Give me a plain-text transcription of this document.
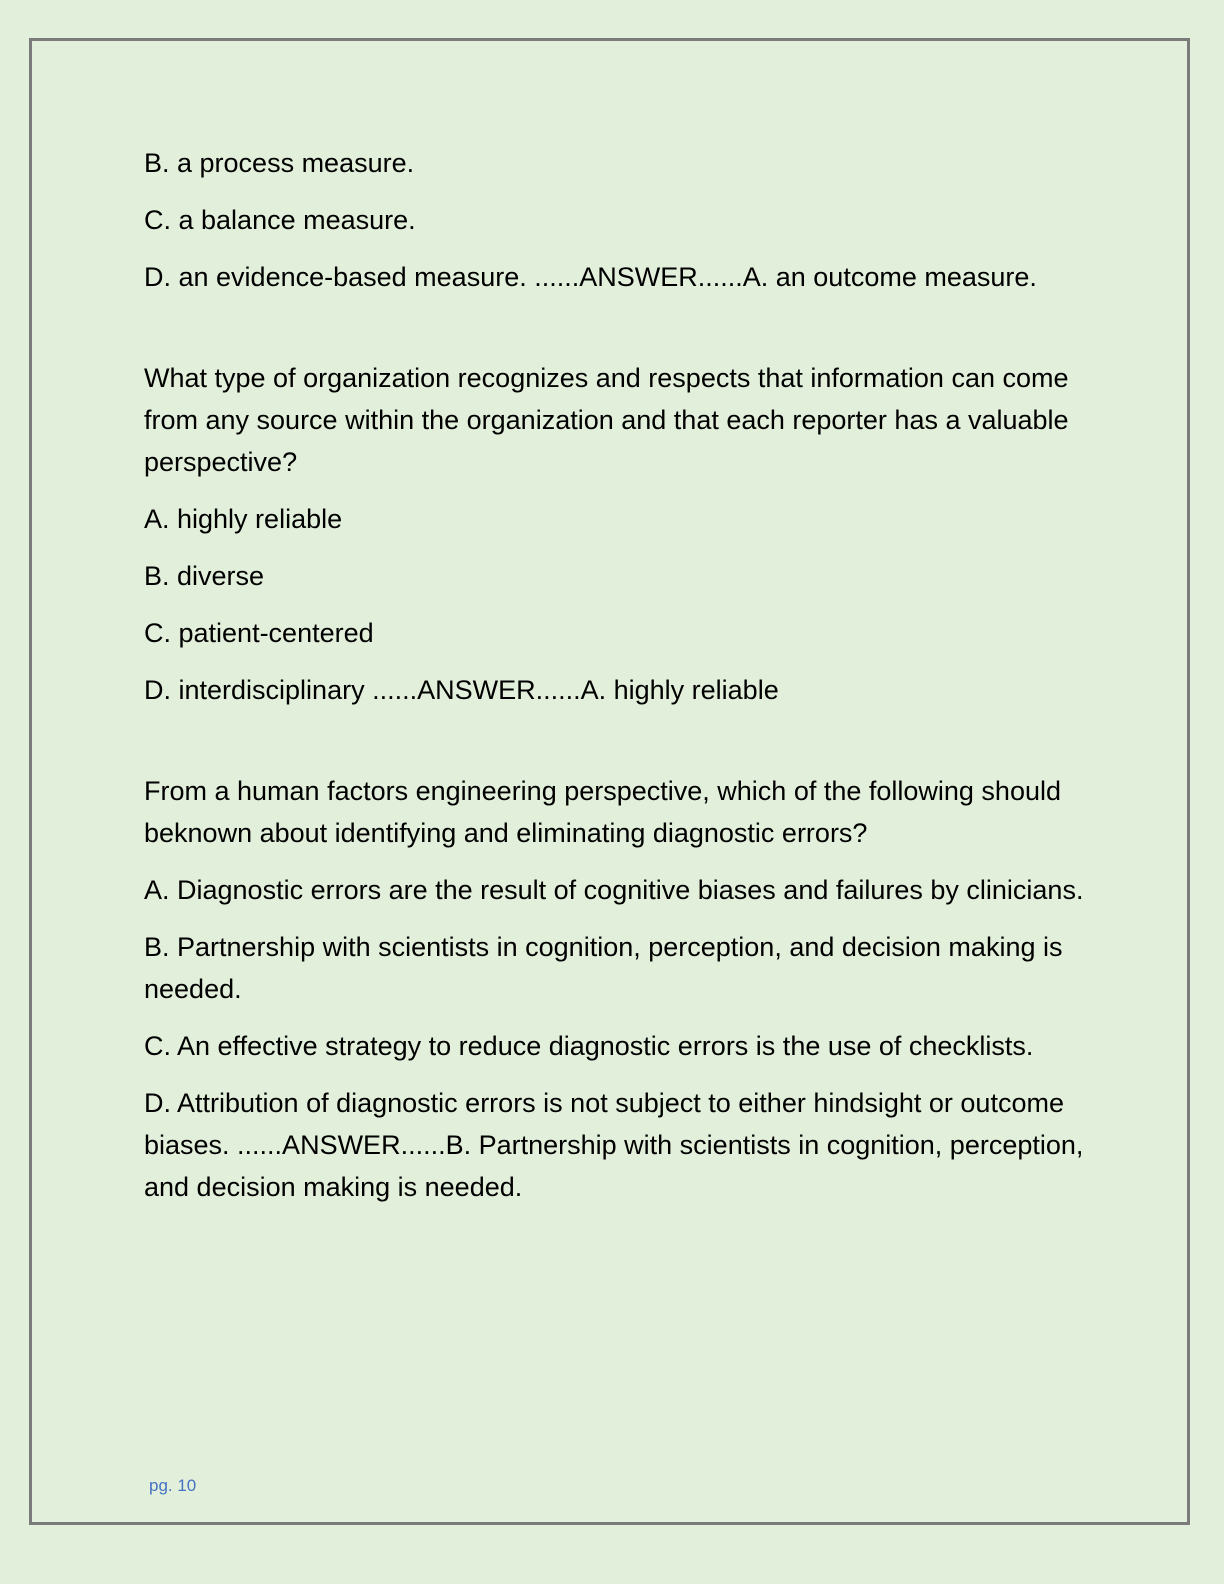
B. a process measure.

C. a balance measure.

D. an evidence-based measure. ......ANSWER......A. an outcome measure.

What type of organization recognizes and respects that information can come from any source within the organization and that each reporter has a valuable perspective?

A. highly reliable

B. diverse

C. patient-centered

D. interdisciplinary ......ANSWER......A. highly reliable

From a human factors engineering perspective, which of the following should beknown about identifying and eliminating diagnostic errors?

A. Diagnostic errors are the result of cognitive biases and failures by clinicians.

B. Partnership with scientists in cognition, perception, and decision making is needed.

C. An effective strategy to reduce diagnostic errors is the use of checklists.

D. Attribution of diagnostic errors is not subject to either hindsight or outcome biases. ......ANSWER......B. Partnership with scientists in cognition, perception, and decision making is needed.

pg. 10
